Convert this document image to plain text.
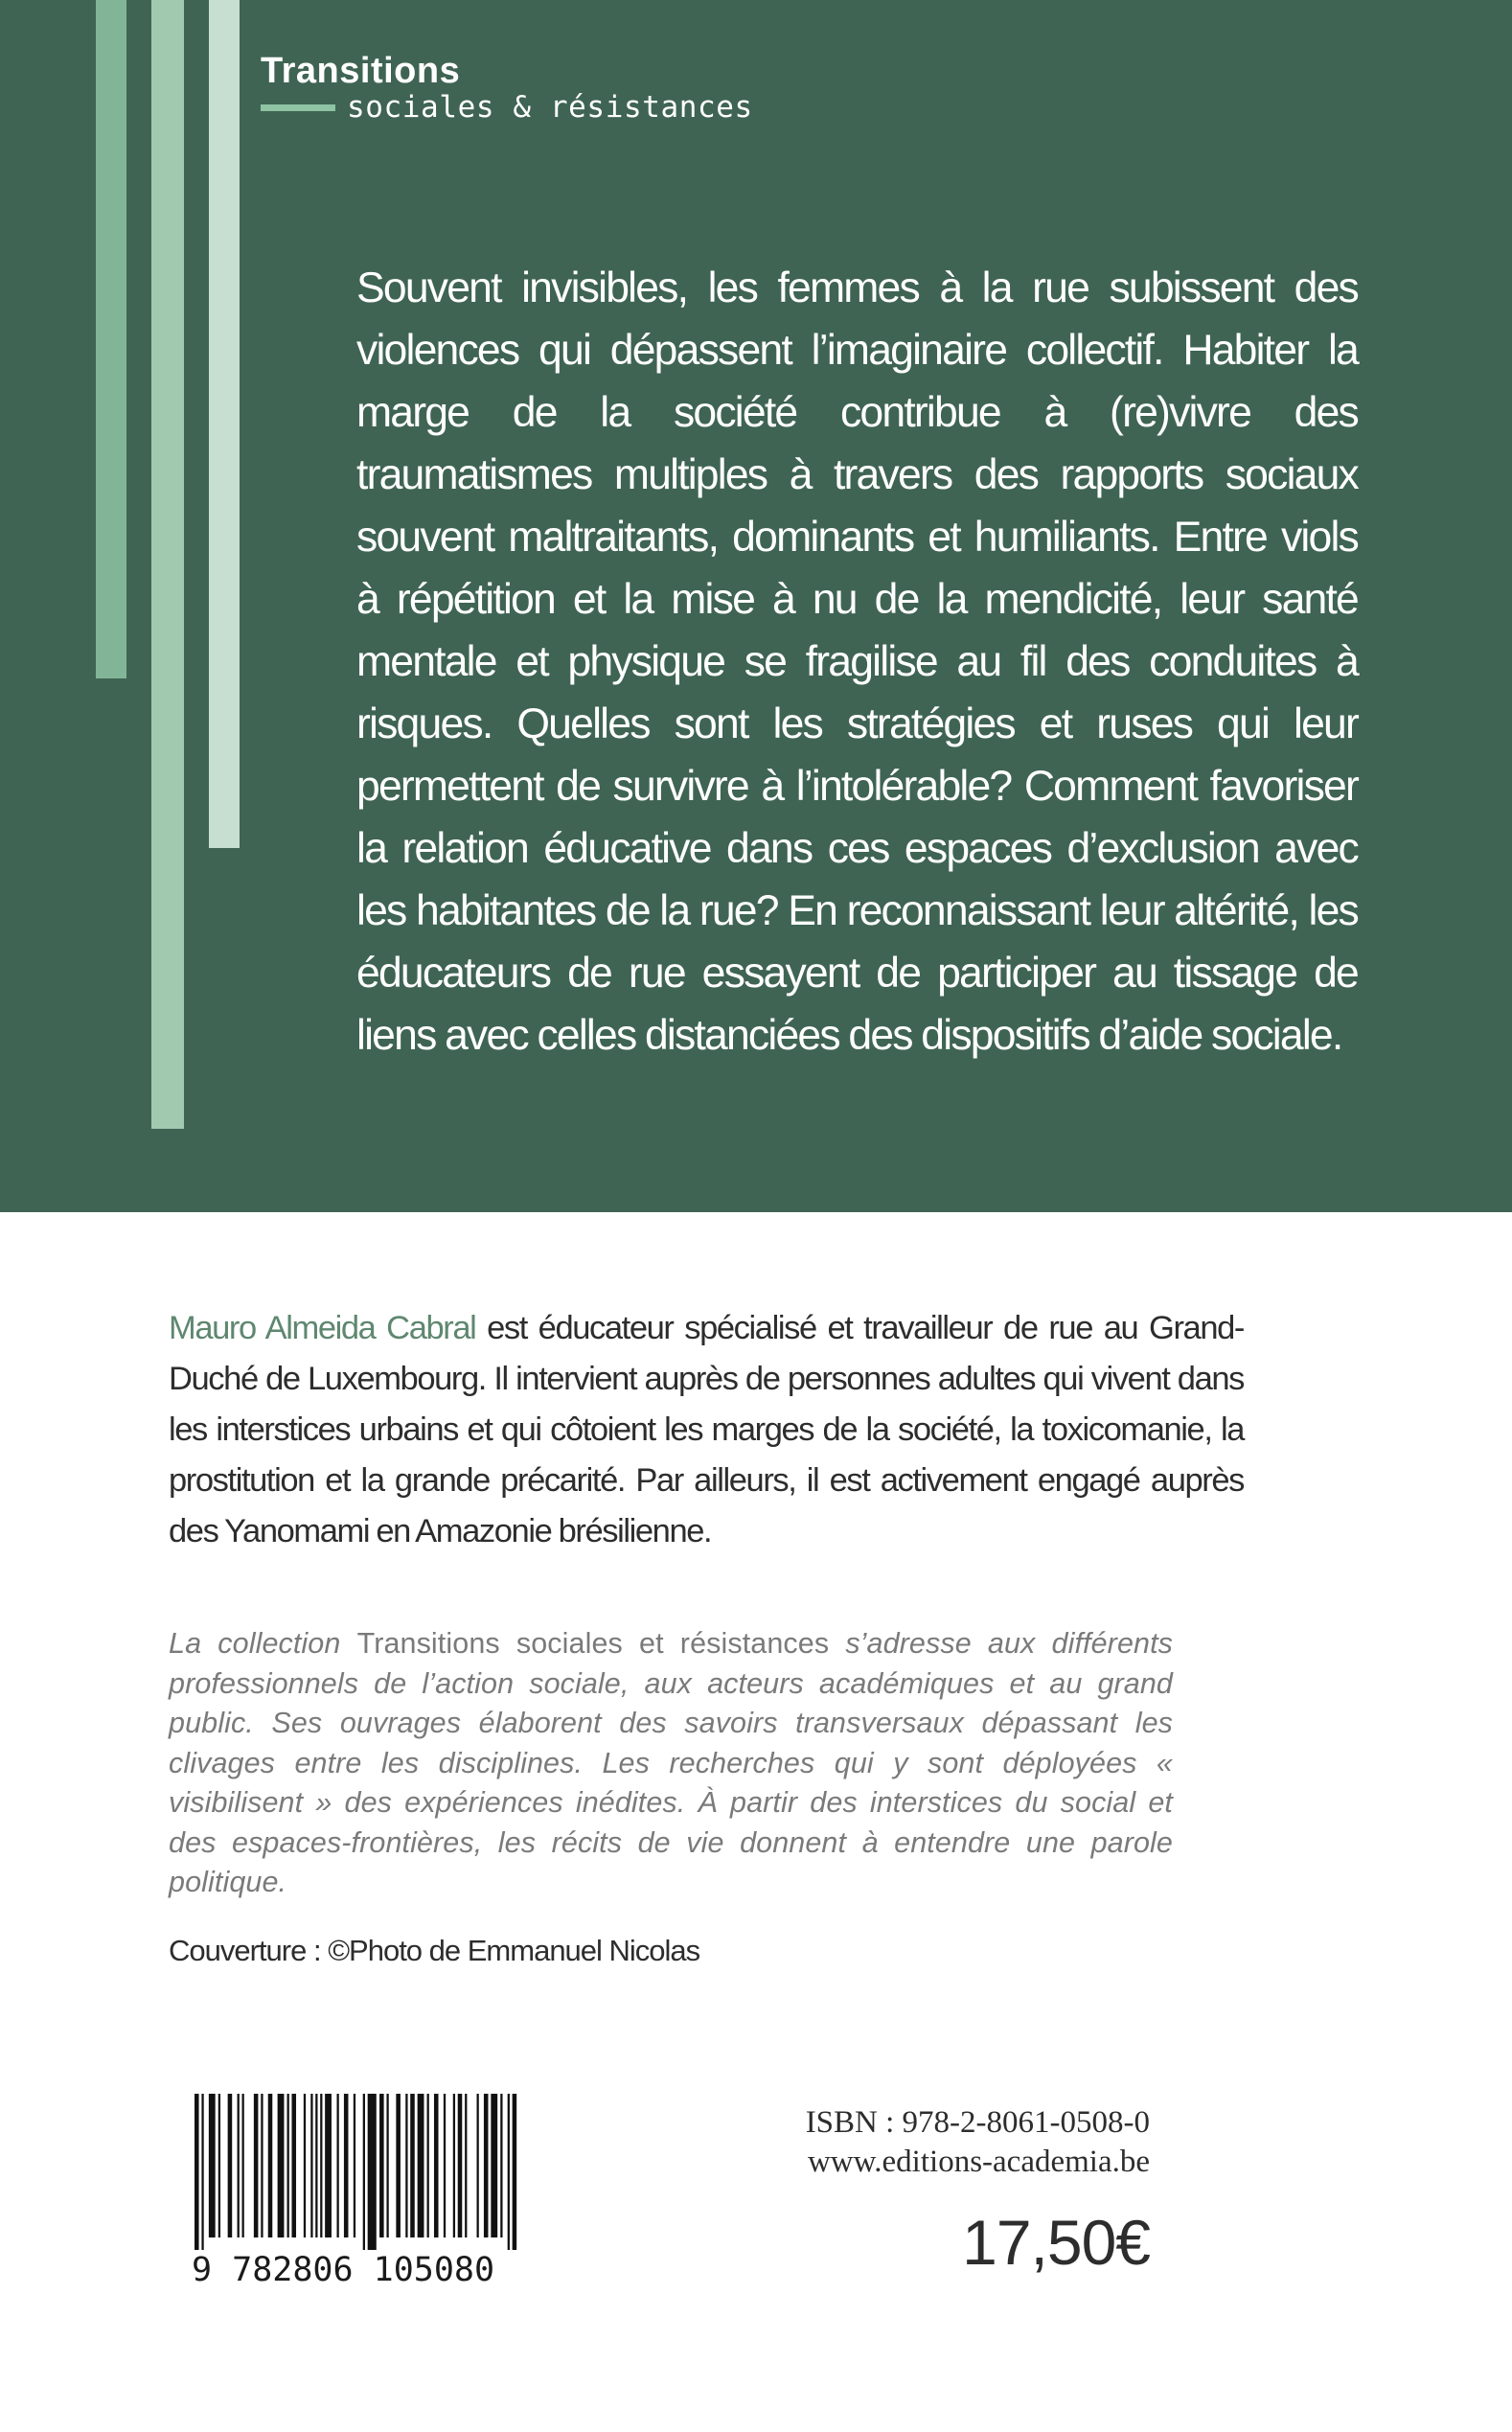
Transitions
sociales & résistances

Souvent invisibles, les femmes à la rue subissent des violences qui dépassent l’imaginaire collectif. Habiter la marge de la société contribue à (re)vivre des traumatismes multiples à travers des rapports sociaux souvent maltraitants, dominants et humiliants. Entre viols à répétition et la mise à nu de la mendicité, leur santé mentale et physique se fragilise au fil des conduites à risques. Quelles sont les stratégies et ruses qui leur permettent de survivre à l’intolérable? Comment favoriser la relation éducative dans ces espaces d’exclusion avec les habitantes de la rue? En reconnaissant leur altérité, les éducateurs de rue essayent de participer au tissage de liens avec celles distanciées des dispositifs d’aide sociale.

Mauro Almeida Cabral est éducateur spécialisé et travailleur de rue au Grand-Duché de Luxembourg. Il intervient auprès de personnes adultes qui vivent dans les interstices urbains et qui côtoient les marges de la société, la toxicomanie, la prostitution et la grande précarité. Par ailleurs, il est activement engagé auprès des Yanomami en Amazonie brésilienne.

La collection Transitions sociales et résistances s’adresse aux différents professionnels de l’action sociale, aux acteurs académiques et au grand public. Ses ouvrages élaborent des savoirs transversaux dépassant les clivages entre les disciplines. Les recherches qui y sont déployées « visibilisent » des expériences inédites. À partir des interstices du social et des espaces-frontières, les récits de vie donnent à entendre une parole politique.

Couverture : ©Photo de Emmanuel Nicolas

9 782806 105080

ISBN : 978-2-8061-0508-0

www.editions-academia.be

17,50€
